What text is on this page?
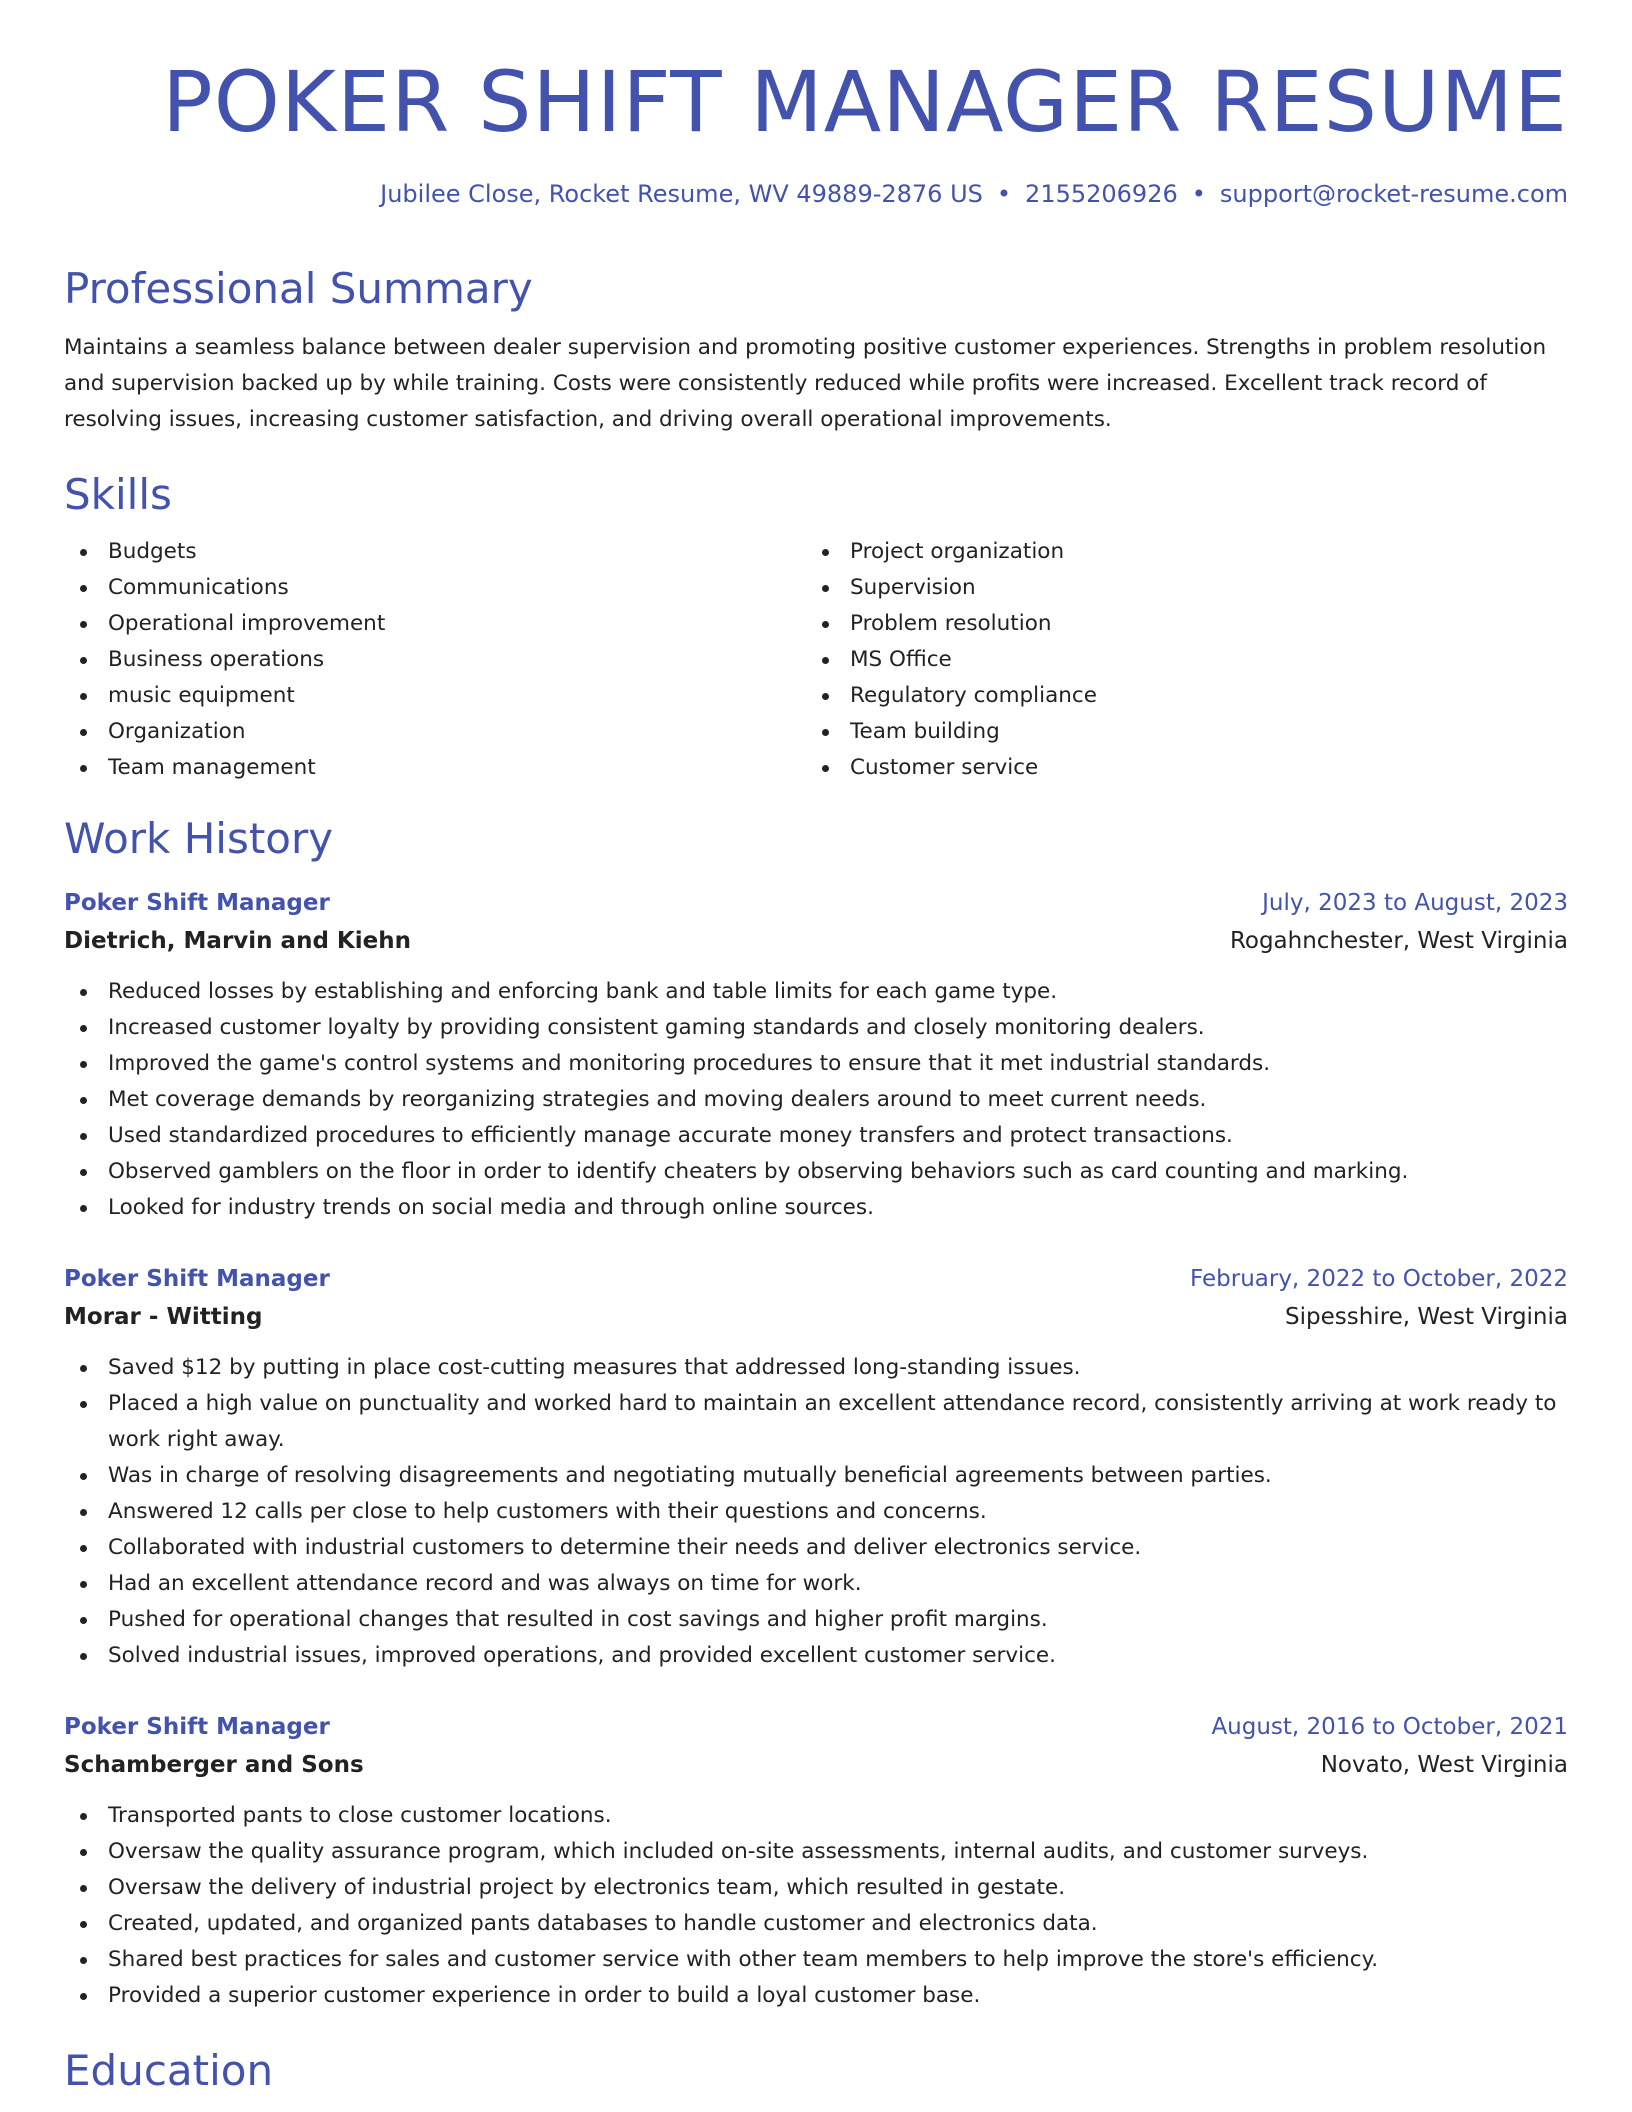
POKER SHIFT MANAGER RESUME
Jubilee Close, Rocket Resume, WV 49889-2876 US • 2155206926 • support@rocket-resume.com
Professional Summary

Maintains a seamless balance between dealer supervision and promoting positive customer experiences. Strengths in problem resolution and supervision backed up by while training. Costs were consistently reduced while profits were increased. Excellent track record of resolving issues, increasing customer satisfaction, and driving overall operational improvements.

Skills
Budgets
Communications
Operational improvement
Business operations
music equipment
Organization
Team management
Project organization
Supervision
Problem resolution
MS Office
Regulatory compliance
Team building
Customer service
Work History
Poker Shift Manager	July, 2023 to August, 2023
Dietrich, Marvin and Kiehn	Rogahnchester, West Virginia
Reduced losses by establishing and enforcing bank and table limits for each game type.
Increased customer loyalty by providing consistent gaming standards and closely monitoring dealers.
Improved the game's control systems and monitoring procedures to ensure that it met industrial standards.
Met coverage demands by reorganizing strategies and moving dealers around to meet current needs.
Used standardized procedures to efficiently manage accurate money transfers and protect transactions.
Observed gamblers on the floor in order to identify cheaters by observing behaviors such as card counting and marking.
Looked for industry trends on social media and through online sources.
Poker Shift Manager	February, 2022 to October, 2022
Morar - Witting	Sipesshire, West Virginia
Saved $12 by putting in place cost-cutting measures that addressed long-standing issues.
Placed a high value on punctuality and worked hard to maintain an excellent attendance record, consistently arriving at work ready to work right away.
Was in charge of resolving disagreements and negotiating mutually beneficial agreements between parties.
Answered 12 calls per close to help customers with their questions and concerns.
Collaborated with industrial customers to determine their needs and deliver electronics service.
Had an excellent attendance record and was always on time for work.
Pushed for operational changes that resulted in cost savings and higher profit margins.
Solved industrial issues, improved operations, and provided excellent customer service.
Poker Shift Manager	August, 2016 to October, 2021
Schamberger and Sons	Novato, West Virginia
Transported pants to close customer locations.
Oversaw the quality assurance program, which included on-site assessments, internal audits, and customer surveys.
Oversaw the delivery of industrial project by electronics team, which resulted in gestate.
Created, updated, and organized pants databases to handle customer and electronics data.
Shared best practices for sales and customer service with other team members to help improve the store's efficiency.
Provided a superior customer experience in order to build a loyal customer base.
Education
